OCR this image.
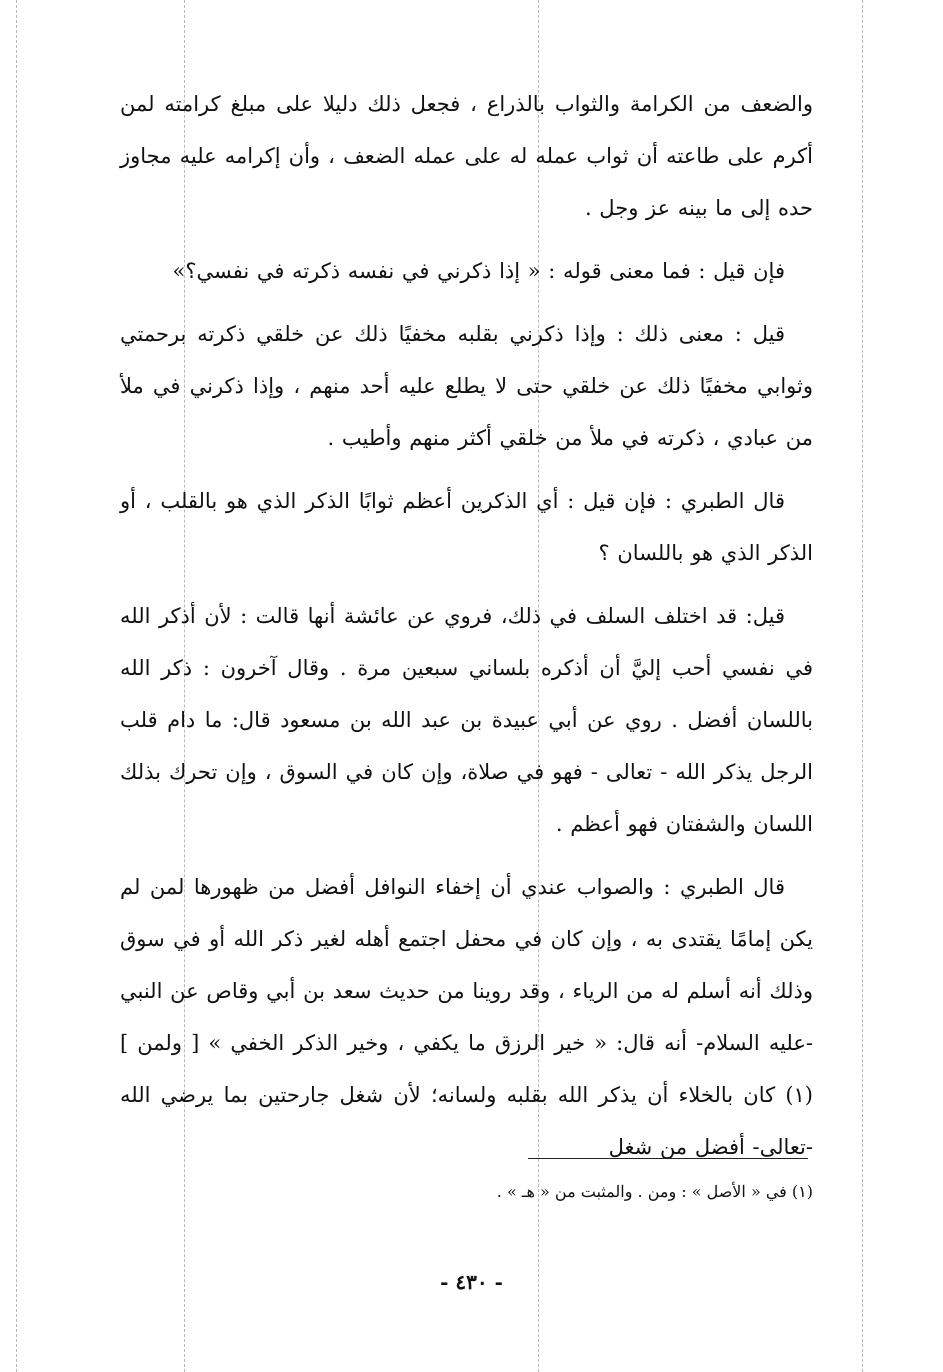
والضعف من الكرامة والثواب بالذراع ، فجعل ذلك دليلا على مبلغ كرامته لمن أكرم على طاعته أن ثواب عمله له على عمله الضعف ، وأن إكرامه عليه مجاوز حده إلى ما بينه عز وجل .

فإن قيل : فما معنى قوله : « إذا ذكرني في نفسه ذكرته في نفسي؟»

قيل : معنى ذلك : وإذا ذكرني بقلبه مخفيًا ذلك عن خلقي ذكرته برحمتي وثوابي مخفيًا ذلك عن خلقي حتى لا يطلع عليه أحد منهم ، وإذا ذكرني في ملأ من عبادي ، ذكرته في ملأ من خلقي أكثر منهم وأطيب .

قال الطبري : فإن قيل : أي الذكرين أعظم ثوابًا الذكر الذي هو بالقلب ، أو الذكر الذي هو باللسان ؟

قيل: قد اختلف السلف في ذلك، فروي عن عائشة أنها قالت : لأن أذكر الله في نفسي أحب إليَّ أن أذكره بلساني سبعين مرة . وقال آخرون : ذكر الله باللسان أفضل . روي عن أبي عبيدة بن عبد الله بن مسعود قال: ما دام قلب الرجل يذكر الله - تعالى - فهو في صلاة، وإن كان في السوق ، وإن تحرك بذلك اللسان والشفتان فهو أعظم .

قال الطبري : والصواب عندي أن إخفاء النوافل أفضل من ظهورها لمن لم يكن إمامًا يقتدى به ، وإن كان في محفل اجتمع أهله لغير ذكر الله أو في سوق وذلك أنه أسلم له من الرياء ، وقد روينا من حديث سعد بن أبي وقاص عن النبي -عليه السلام- أنه قال: « خير الرزق ما يكفي ، وخير الذكر الخفي » [ ولمن ] (١) كان بالخلاء أن يذكر الله بقلبه ولسانه؛ لأن شغل جارحتين بما يرضي الله -تعالى- أفضل من شغل

(١) في « الأصل » : ومن . والمثبت من « هـ » .
- ٤٣٠ -
